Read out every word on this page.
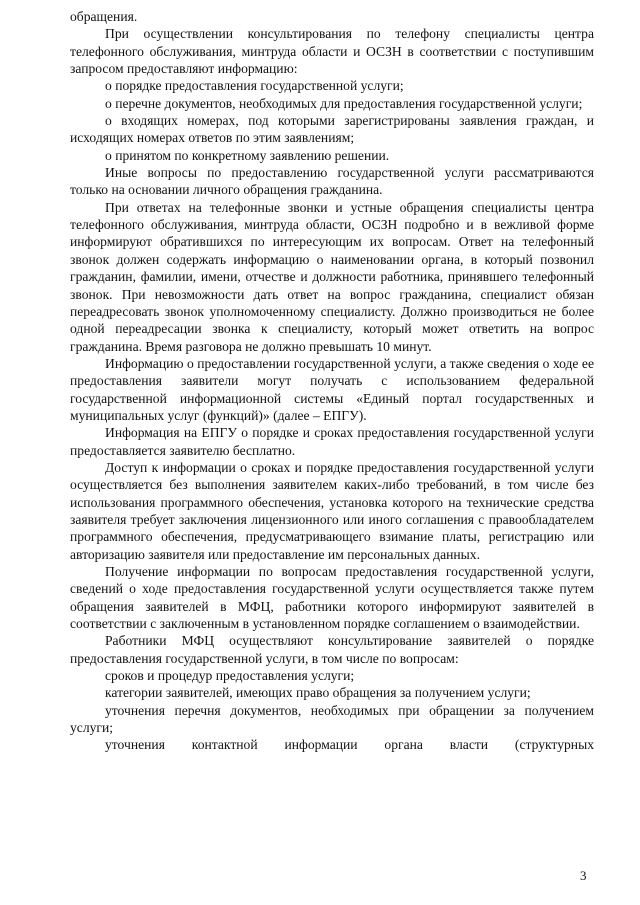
обращения.

При осуществлении консультирования по телефону специалисты центра телефонного обслуживания, минтруда области и ОСЗН в соответствии с поступившим запросом предоставляют информацию:

о порядке предоставления государственной услуги;

о перечне документов, необходимых для предоставления государственной услуги;

о входящих номерах, под которыми зарегистрированы заявления граждан, и исходящих номерах ответов по этим заявлениям;

о принятом по конкретному заявлению решении.

Иные вопросы по предоставлению государственной услуги рассматриваются только на основании личного обращения гражданина.

При ответах на телефонные звонки и устные обращения специалисты центра телефонного обслуживания, минтруда области, ОСЗН подробно и в вежливой форме информируют обратившихся по интересующим их вопросам. Ответ на телефонный звонок должен содержать информацию о наименовании органа, в который позвонил гражданин, фамилии, имени, отчестве и должности работника, принявшего телефонный звонок. При невозможности дать ответ на вопрос гражданина, специалист обязан переадресовать звонок уполномоченному специалисту. Должно производиться не более одной переадресации звонка к специалисту, который может ответить на вопрос гражданина. Время разговора не должно превышать 10 минут.

Информацию о предоставлении государственной услуги, а также сведения о ходе ее предоставления заявители могут получать с использованием федеральной государственной информационной системы «Единый портал государственных и муниципальных услуг (функций)» (далее – ЕПГУ).

Информация на ЕПГУ о порядке и сроках предоставления государственной услуги предоставляется заявителю бесплатно.

Доступ к информации о сроках и порядке предоставления государственной услуги осуществляется без выполнения заявителем каких-либо требований, в том числе без использования программного обеспечения, установка которого на технические средства заявителя требует заключения лицензионного или иного соглашения с правообладателем программного обеспечения, предусматривающего взимание платы, регистрацию или авторизацию заявителя или предоставление им персональных данных.

Получение информации по вопросам предоставления государственной услуги, сведений о ходе предоставления государственной услуги осуществляется также путем обращения заявителей в МФЦ, работники которого информируют заявителей в соответствии с заключенным в установленном порядке соглашением о взаимодействии.

Работники МФЦ осуществляют консультирование заявителей о порядке предоставления государственной услуги, в том числе по вопросам:

сроков и процедур предоставления услуги;

категории заявителей, имеющих право обращения за получением услуги;

уточнения перечня документов, необходимых при обращении за получением услуги;

уточнения контактной информации органа власти (структурных

3
